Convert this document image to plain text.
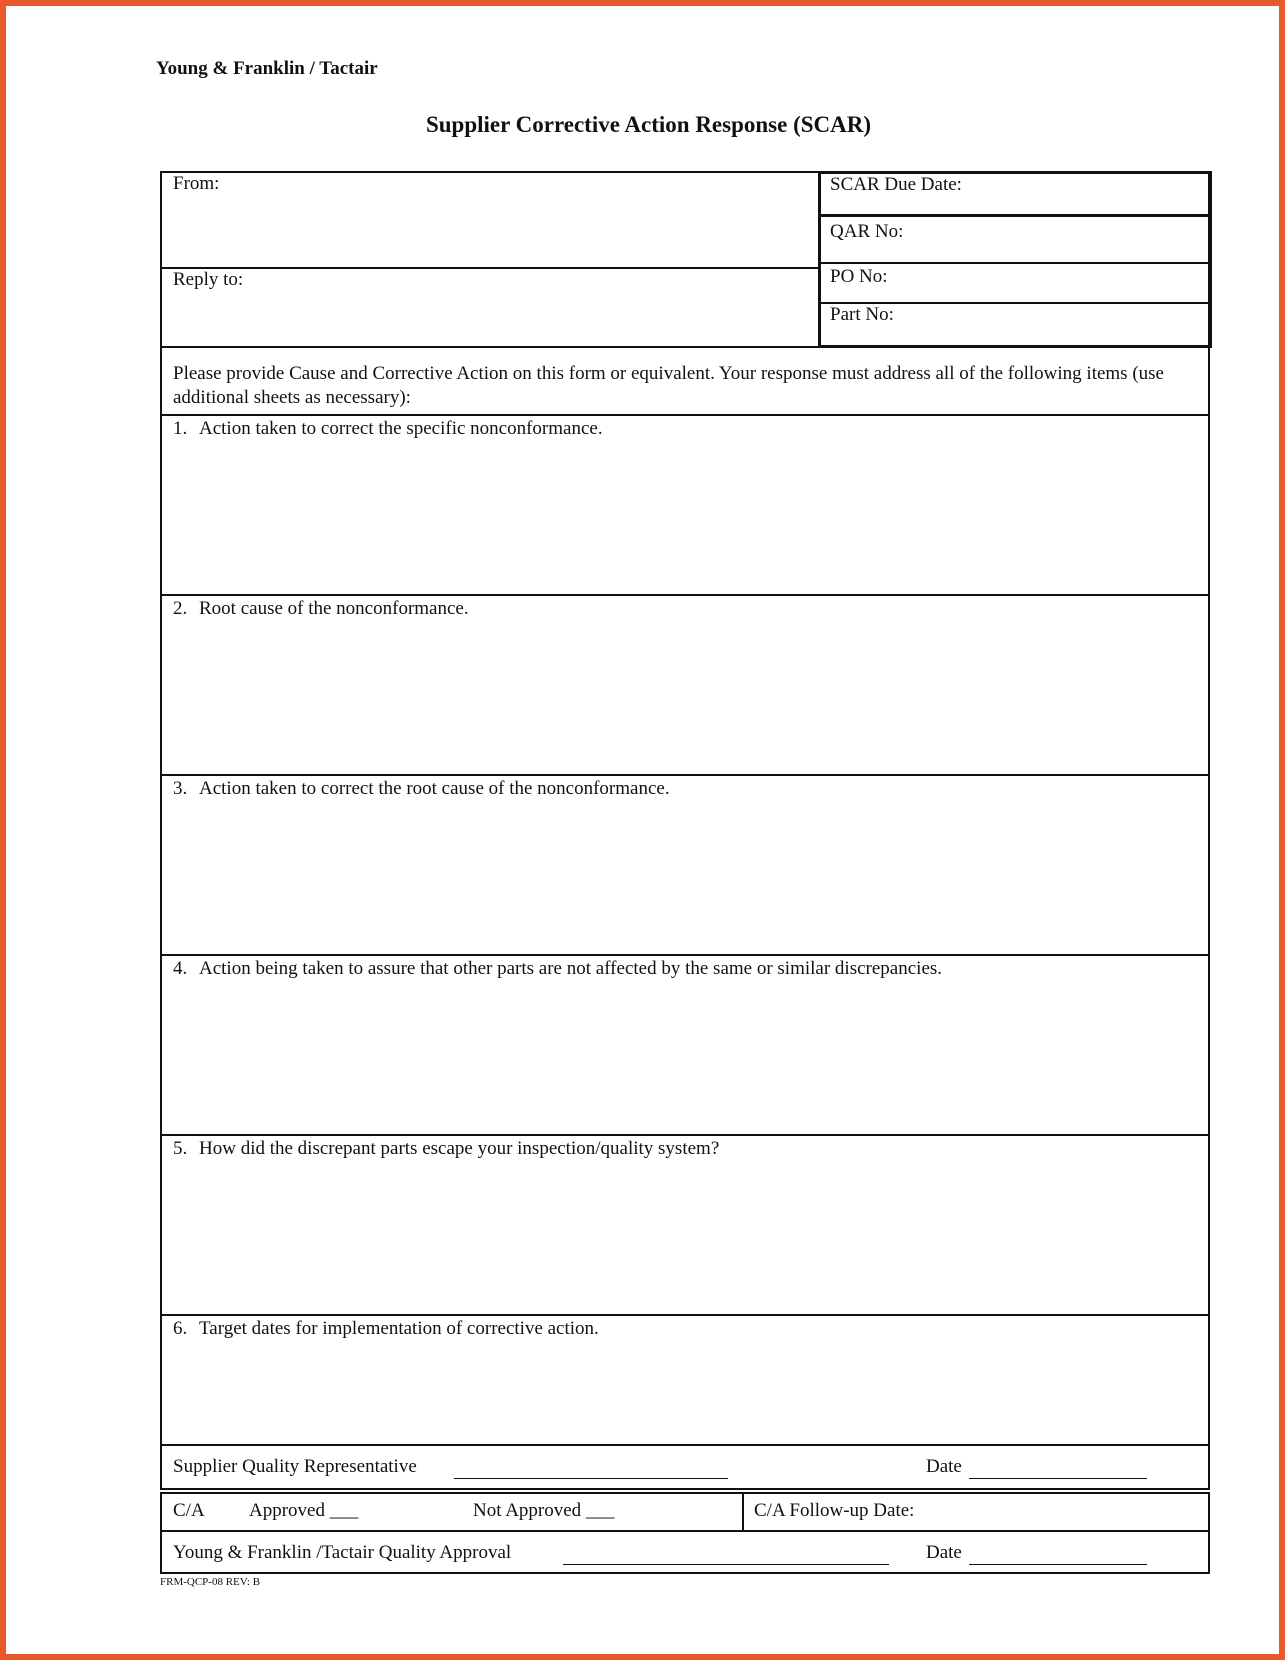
Young & Franklin / Tactair
Supplier Corrective Action Response (SCAR)
From:
Reply to:
SCAR Due Date:
QAR No:
PO No:
Part No:
Please provide Cause and Corrective Action on this form or equivalent. Your response must address all of the following items (use additional sheets as necessary):
1. Action taken to correct the specific nonconformance.
2. Root cause of the nonconformance.
3. Action taken to correct the root cause of the nonconformance.
4. Action being taken to assure that other parts are not affected by the same or similar discrepancies.
5. How did the discrepant parts escape your inspection/quality system?
6. Target dates for implementation of corrective action.
Supplier Quality Representative	Date
C/A Approved ___	Not Approved ___	C/A Follow-up Date:
Young & Franklin /Tactair Quality Approval	Date
FRM-QCP-08 REV: B
